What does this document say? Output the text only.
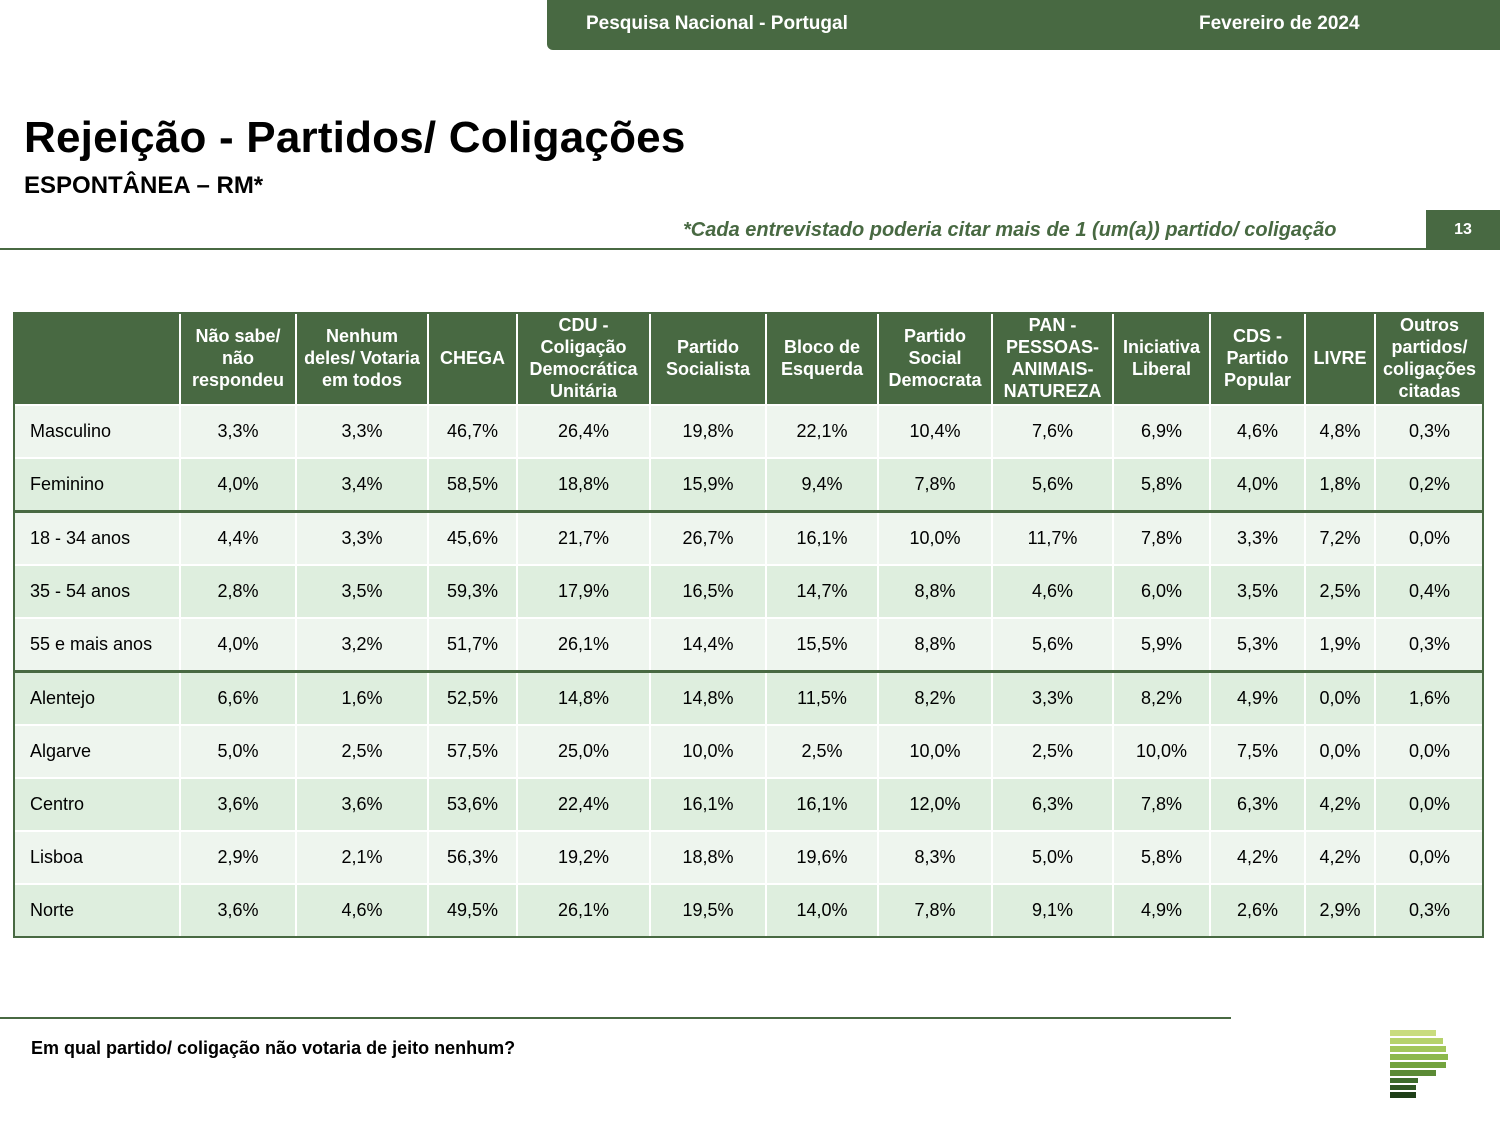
Pesquisa Nacional - Portugal	Fevereiro de 2024
Rejeição - Partidos/ Coligações
ESPONTÂNEA – RM*
*Cada entrevistado poderia citar mais de 1 (um(a)) partido/ coligação	13
	Não sabe/ não respondeu	Nenhum deles/ Votaria em todos	CHEGA	CDU - Coligação Democrática Unitária	Partido Socialista	Bloco de Esquerda	Partido Social Democrata	PAN - PESSOAS-ANIMAIS-NATUREZA	Iniciativa Liberal	CDS - Partido Popular	LIVRE	Outros partidos/ coligações citadas
Masculino	3,3%	3,3%	46,7%	26,4%	19,8%	22,1%	10,4%	7,6%	6,9%	4,6%	4,8%	0,3%
Feminino	4,0%	3,4%	58,5%	18,8%	15,9%	9,4%	7,8%	5,6%	5,8%	4,0%	1,8%	0,2%
18 - 34 anos	4,4%	3,3%	45,6%	21,7%	26,7%	16,1%	10,0%	11,7%	7,8%	3,3%	7,2%	0,0%
35 - 54 anos	2,8%	3,5%	59,3%	17,9%	16,5%	14,7%	8,8%	4,6%	6,0%	3,5%	2,5%	0,4%
55 e mais anos	4,0%	3,2%	51,7%	26,1%	14,4%	15,5%	8,8%	5,6%	5,9%	5,3%	1,9%	0,3%
Alentejo	6,6%	1,6%	52,5%	14,8%	14,8%	11,5%	8,2%	3,3%	8,2%	4,9%	0,0%	1,6%
Algarve	5,0%	2,5%	57,5%	25,0%	10,0%	2,5%	10,0%	2,5%	10,0%	7,5%	0,0%	0,0%
Centro	3,6%	3,6%	53,6%	22,4%	16,1%	16,1%	12,0%	6,3%	7,8%	6,3%	4,2%	0,0%
Lisboa	2,9%	2,1%	56,3%	19,2%	18,8%	19,6%	8,3%	5,0%	5,8%	4,2%	4,2%	0,0%
Norte	3,6%	4,6%	49,5%	26,1%	19,5%	14,0%	7,8%	9,1%	4,9%	2,6%	2,9%	0,3%
Em qual partido/ coligação não votaria de jeito nenhum?
